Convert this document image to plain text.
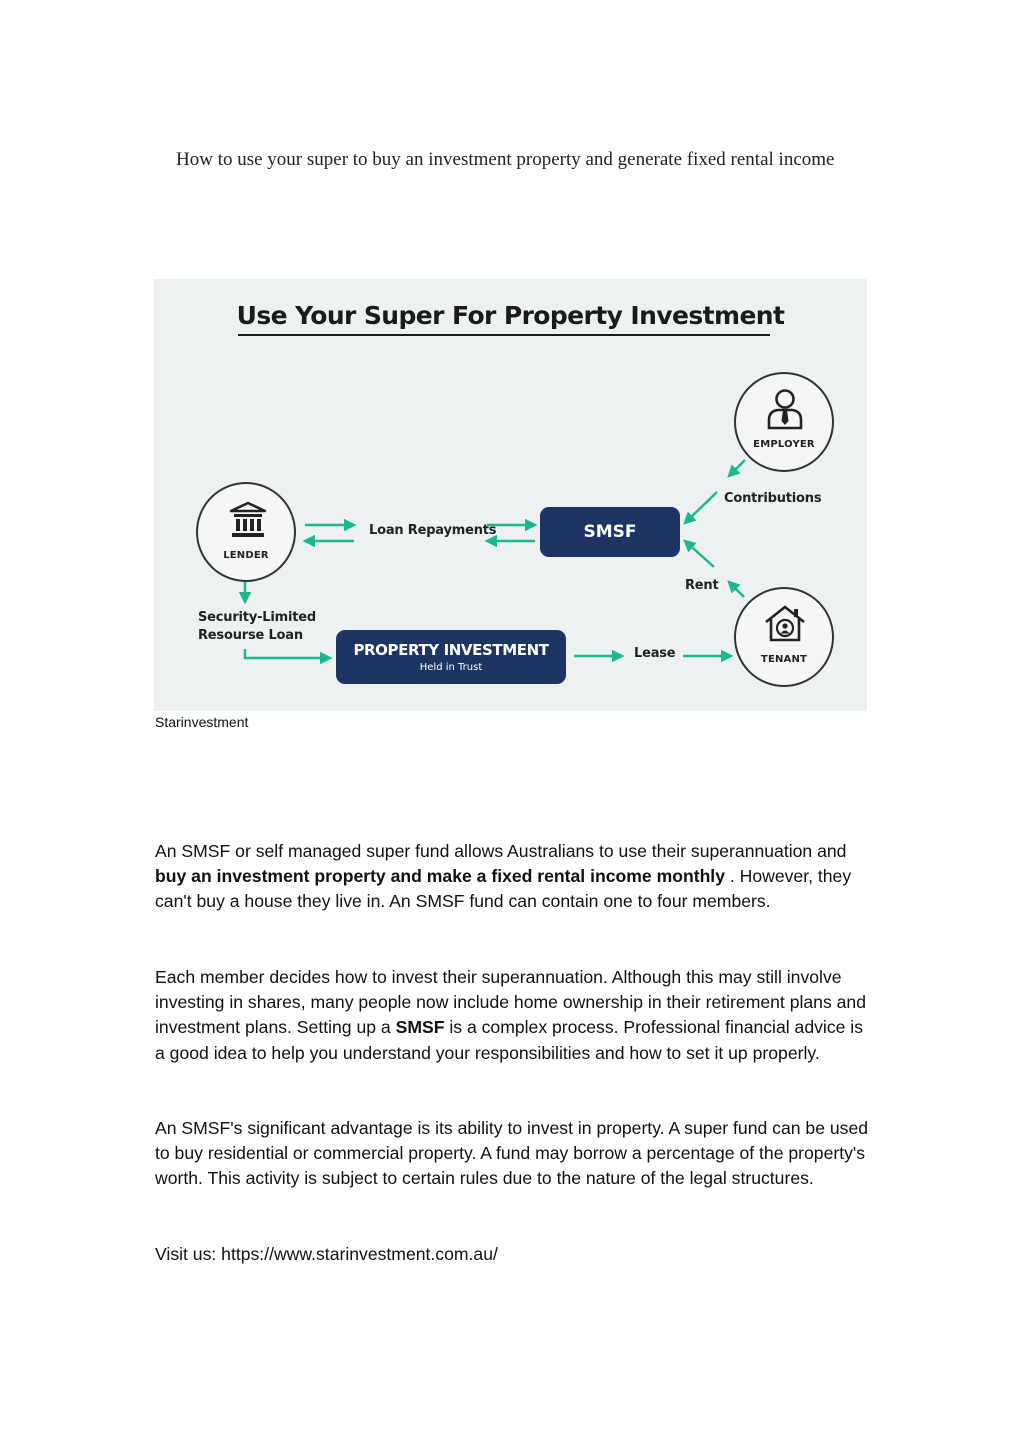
How to use your super to buy an investment property and generate fixed rental income
Use Your Super For Property Investment
EMPLOYER
LENDER
TENANT
SMSF
PROPERTY INVESTMENT
Held in Trust
Loan Repayments
Contributions
Rent
Security-Limited
Resourse Loan
Lease
Starinvestment

An SMSF or self managed super fund allows Australians to use their superannuation and buy an investment property and make a fixed rental income monthly . However, they can't buy a house they live in. An SMSF fund can contain one to four members.

Each member decides how to invest their superannuation. Although this may still involve investing in shares, many people now include home ownership in their retirement plans and investment plans. Setting up a SMSF is a complex process. Professional financial advice is a good idea to help you understand your responsibilities and how to set it up properly.

An SMSF's significant advantage is its ability to invest in property. A super fund can be used to buy residential or commercial property. A fund may borrow a percentage of the property's worth. This activity is subject to certain rules due to the nature of the legal structures.

Visit us: https://www.starinvestment.com.au/
